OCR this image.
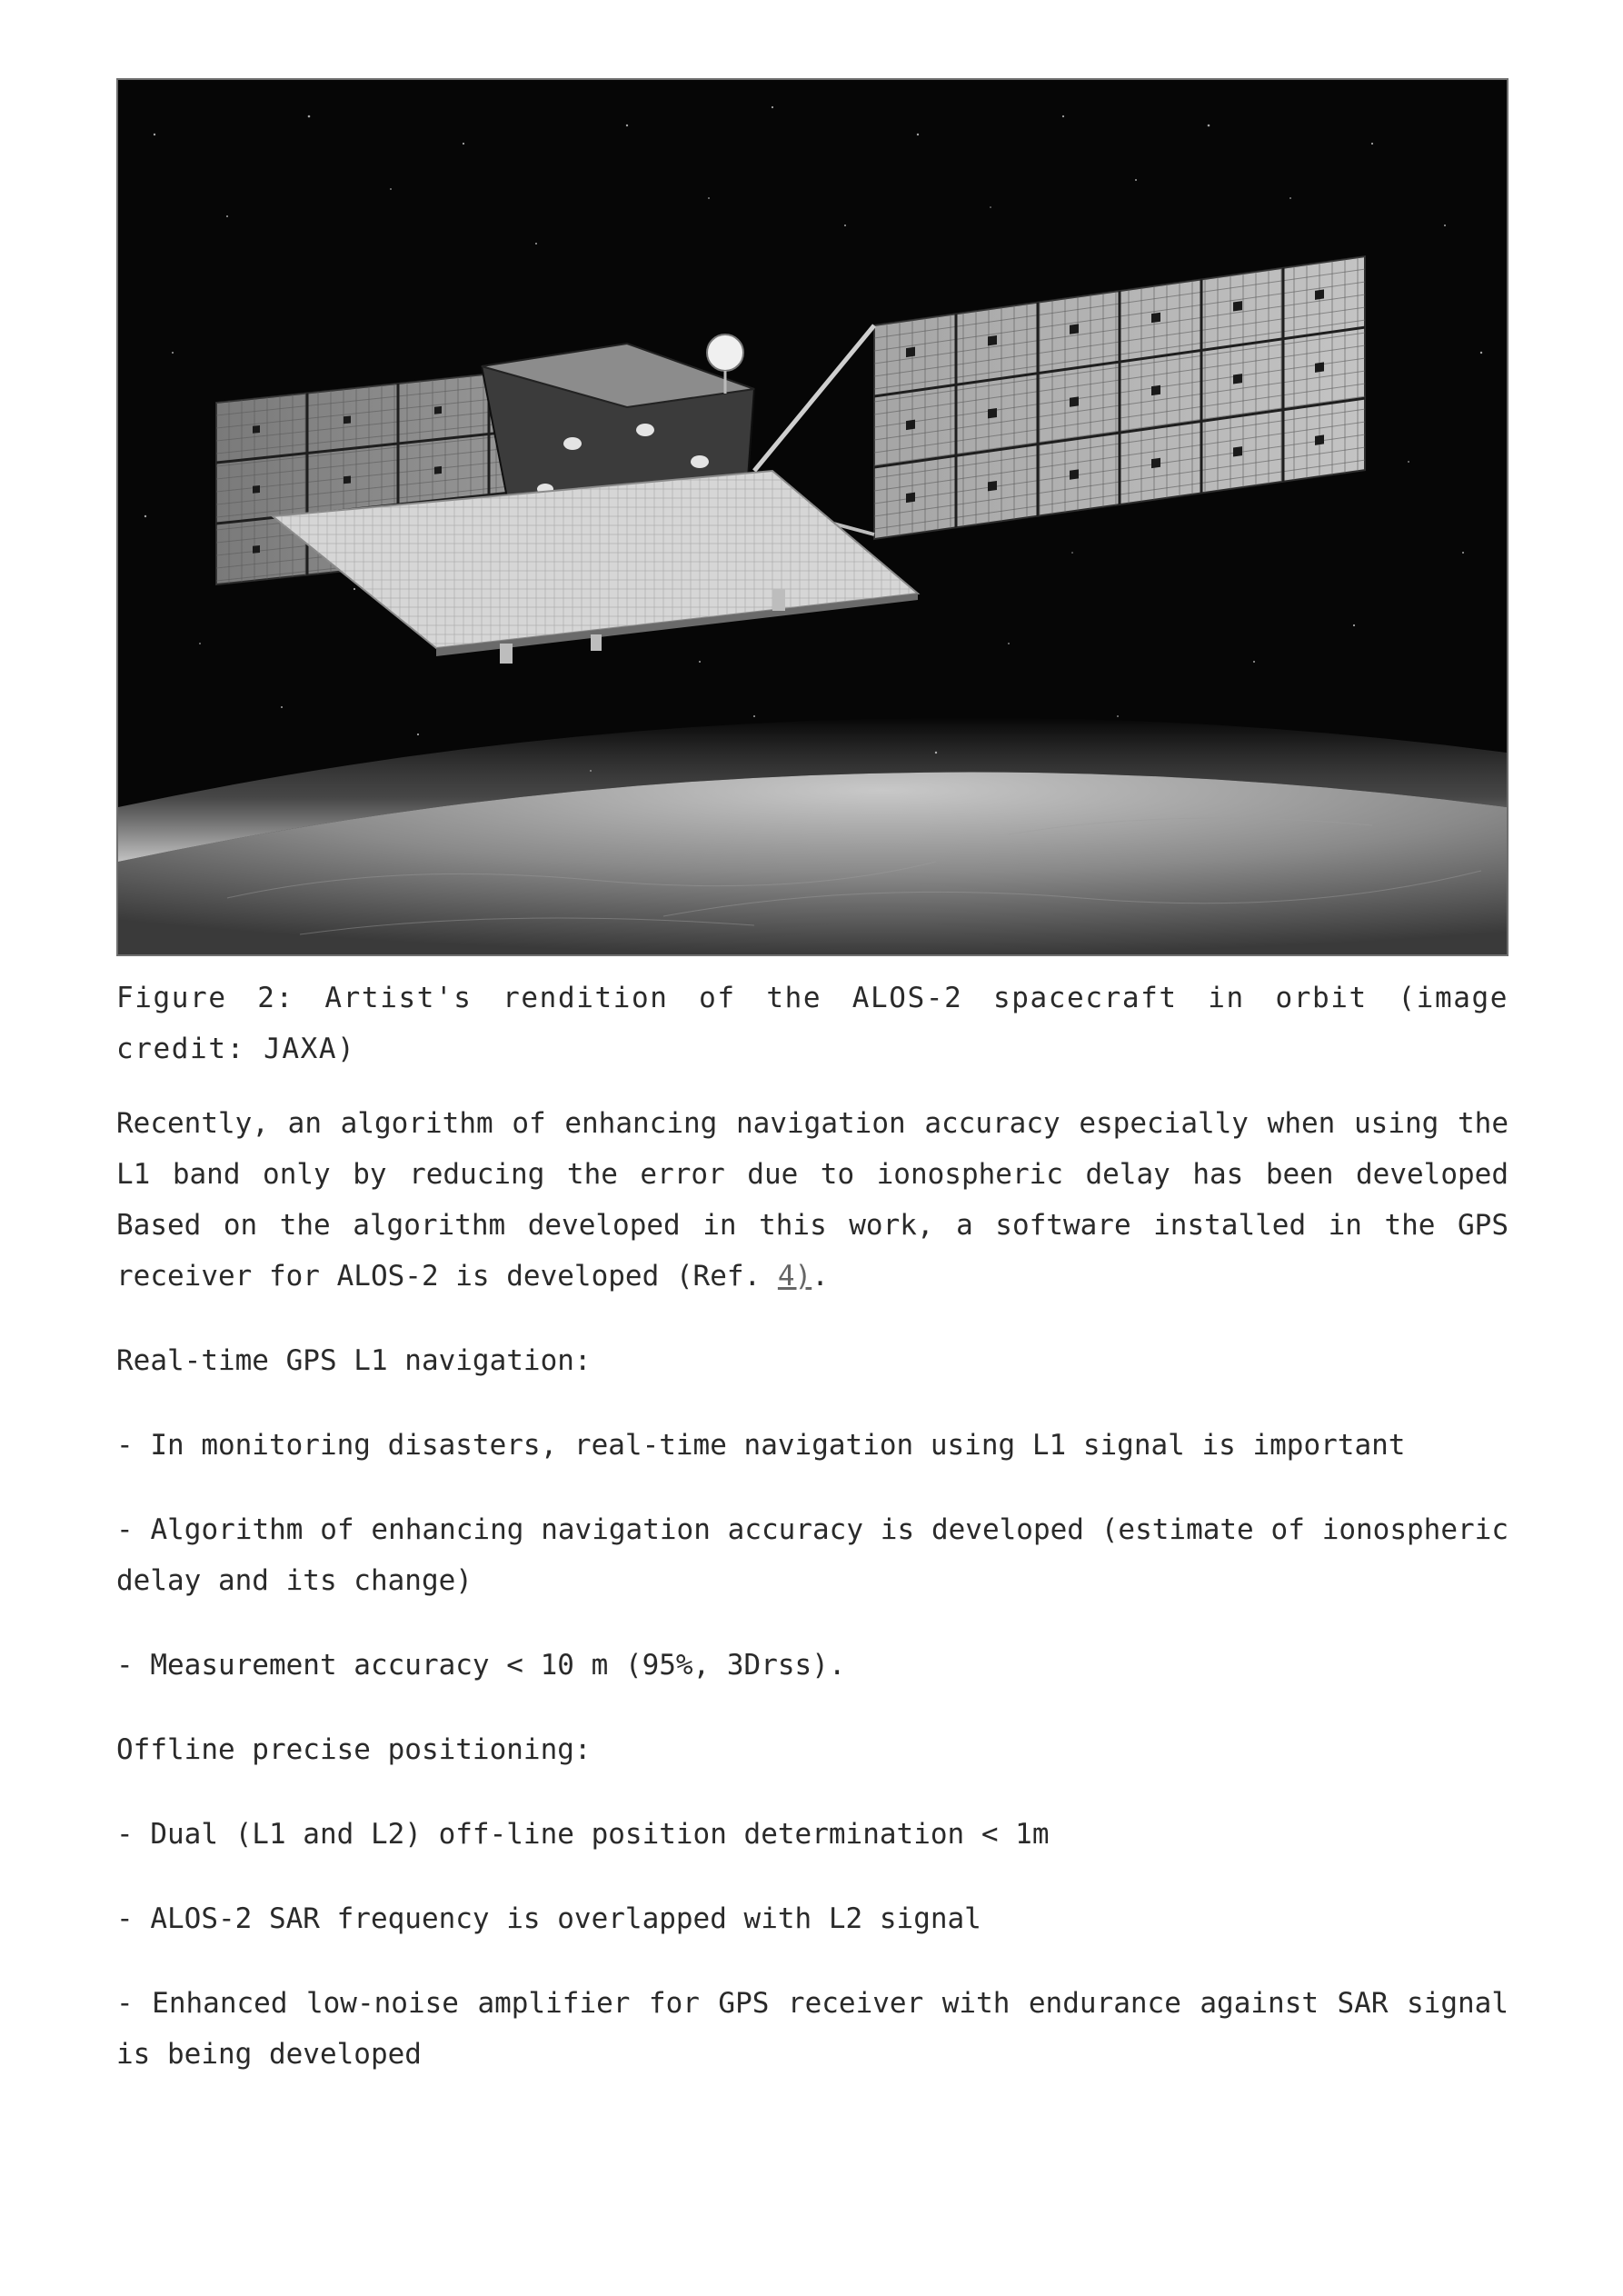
Figure 2: Artist's rendition of the ALOS-2 spacecraft in orbit (image credit: JAXA)

Recently, an algorithm of enhancing navigation accuracy especially when using the L1 band only by reducing the error due to ionospheric delay has been developed Based on the algorithm developed in this work, a software installed in the GPS receiver for ALOS-2 is developed (Ref. 4).

Real-time GPS L1 navigation:

- In monitoring disasters, real-time navigation using L1 signal is important

- Algorithm of enhancing navigation accuracy is developed (estimate of ionospheric delay and its change)

- Measurement accuracy < 10 m (95%, 3Drss).

Offline precise positioning:

- Dual (L1 and L2) off-line position determination < 1m

- ALOS-2 SAR frequency is overlapped with L2 signal

- Enhanced low-noise amplifier for GPS receiver with endurance against SAR signal is being developed
